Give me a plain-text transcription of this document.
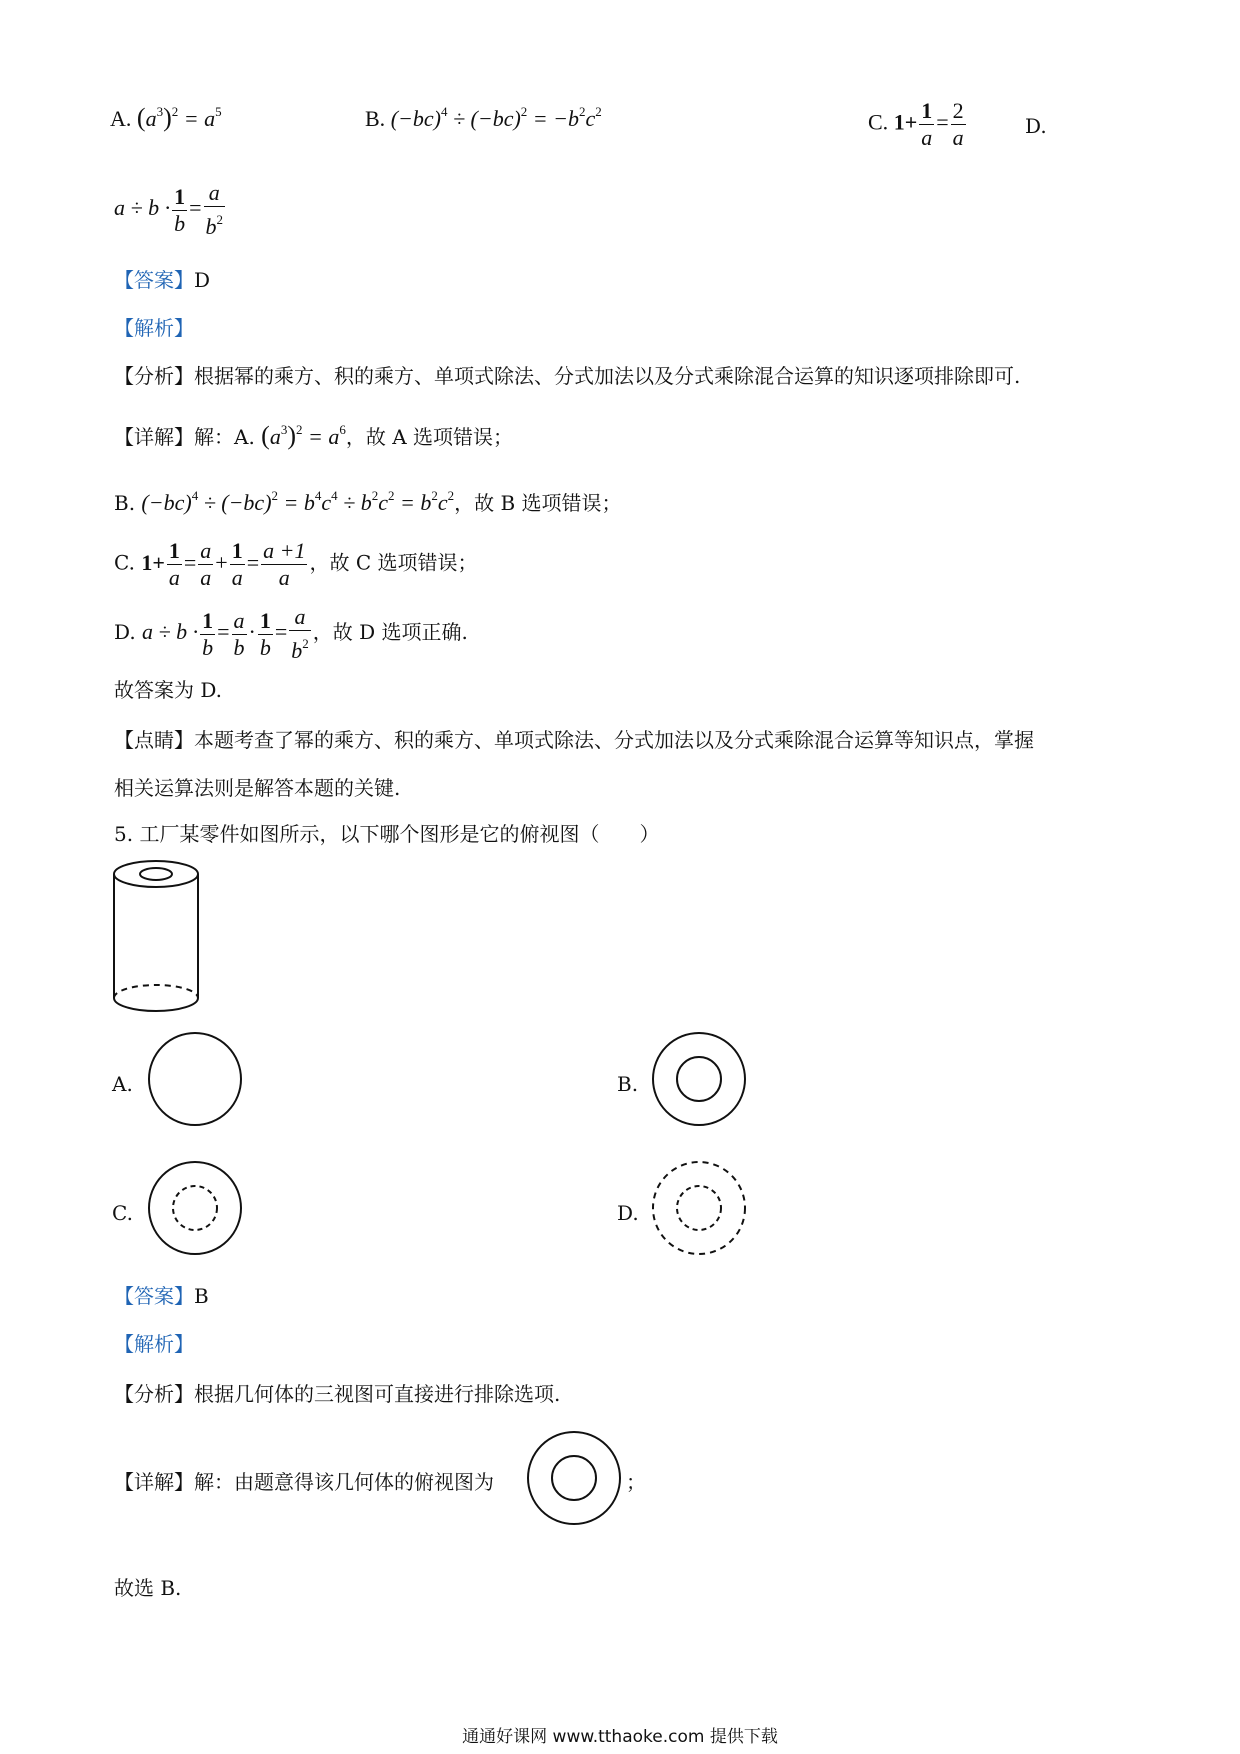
A. $(a^3)^2 = a^5$	B. $(-bc)^4 \div (-bc)^2 = -b^2c^2$	C. $1+ \frac{1}{a} = \frac{2}{a}$	D.
$a \div b \cdot \frac{1}{b} = \frac{a}{b^2}$
【答案】D
【解析】
【分析】根据幂的乘方、积的乘方、单项式除法、分式加法以及分式乘除混合运算的知识逐项排除即可.
【详解】解：A. $(a^3)^2 = a^6$，故 A 选项错误；
B. $(-bc)^4 \div (-bc)^2 = b^4c^4 \div b^2c^2 = b^2c^2$，故 B 选项错误；
C. $1+ \frac{1}{a} = \frac{a}{a} + \frac{1}{a} = \frac{a +1}{a}$ ，故 C 选项错误；
D. $a \div b \cdot \frac{1}{b} = \frac{a}{b} \cdot \frac{1}{b} = \frac{a}{b^2}$ ，故 D 选项正确.
故答案为 D.
【点睛】本题考查了幂的乘方、积的乘方、单项式除法、分式加法以及分式乘除混合运算等知识点，掌握
相关运算法则是解答本题的关键.
5. 工厂某零件如图所示，以下哪个图形是它的俯视图（　　）
A.	B.
C.	D.
【答案】B
【解析】
【分析】根据几何体的三视图可直接进行排除选项.
【详解】解：由题意得该几何体的俯视图为	；
故选 B.
通通好课网 www.tthaoke.com 提供下载
